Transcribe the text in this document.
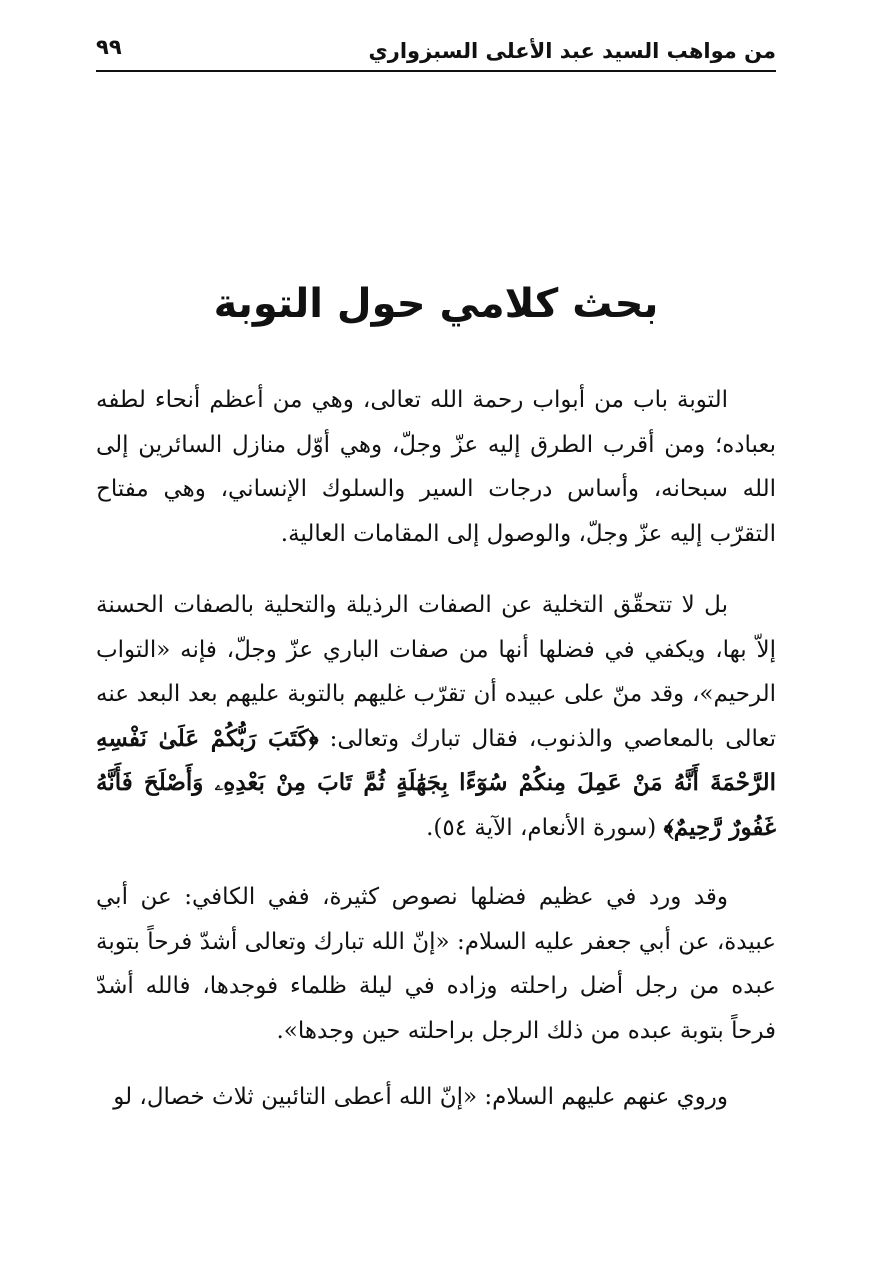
من مواهب السيد عبد الأعلى السبزواري
٩٩
بحث كلامي حول التوبة

التوبة باب من أبواب رحمة الله تعالى، وهي من أعظم أنحاء لطفه بعباده؛ ومن أقرب الطرق إليه عزّ وجلّ، وهي أوّل منازل السائرين إلى الله سبحانه، وأساس درجات السير والسلوك الإنساني، وهي مفتاح التقرّب إليه عزّ وجلّ، والوصول إلى المقامات العالية.

بل لا تتحقّق التخلية عن الصفات الرذيلة والتحلية بالصفات الحسنة إلاّ بها، ويكفي في فضلها أنها من صفات الباري عزّ وجلّ، فإنه «التواب الرحيم»، وقد منّ على عبيده أن تقرّب غليهم بالتوبة عليهم بعد البعد عنه تعالى بالمعاصي والذنوب، فقال تبارك وتعالى: ﴿كَتَبَ رَبُّكُمْ عَلَىٰ نَفْسِهِ الرَّحْمَةَ أَنَّهُ مَنْ عَمِلَ مِنكُمْ سُوٓءًا بِجَهَٰلَةٍ ثُمَّ تَابَ مِنْ بَعْدِهِۦ وَأَصْلَحَ فَأَنَّهُ غَفُورٌ رَّحِيمٌ﴾ (سورة الأنعام، الآية ٥٤).

وقد ورد في عظيم فضلها نصوص كثيرة، ففي الكافي: عن أبي عبيدة، عن أبي جعفر عليه السلام: «إنّ الله تبارك وتعالى أشدّ فرحاً بتوبة عبده من رجل أضل راحلته وزاده في ليلة ظلماء فوجدها، فالله أشدّ فرحاً بتوبة عبده من ذلك الرجل براحلته حين وجدها».

وروي عنهم عليهم السلام: «إنّ الله أعطى التائبين ثلاث خصال، لو
